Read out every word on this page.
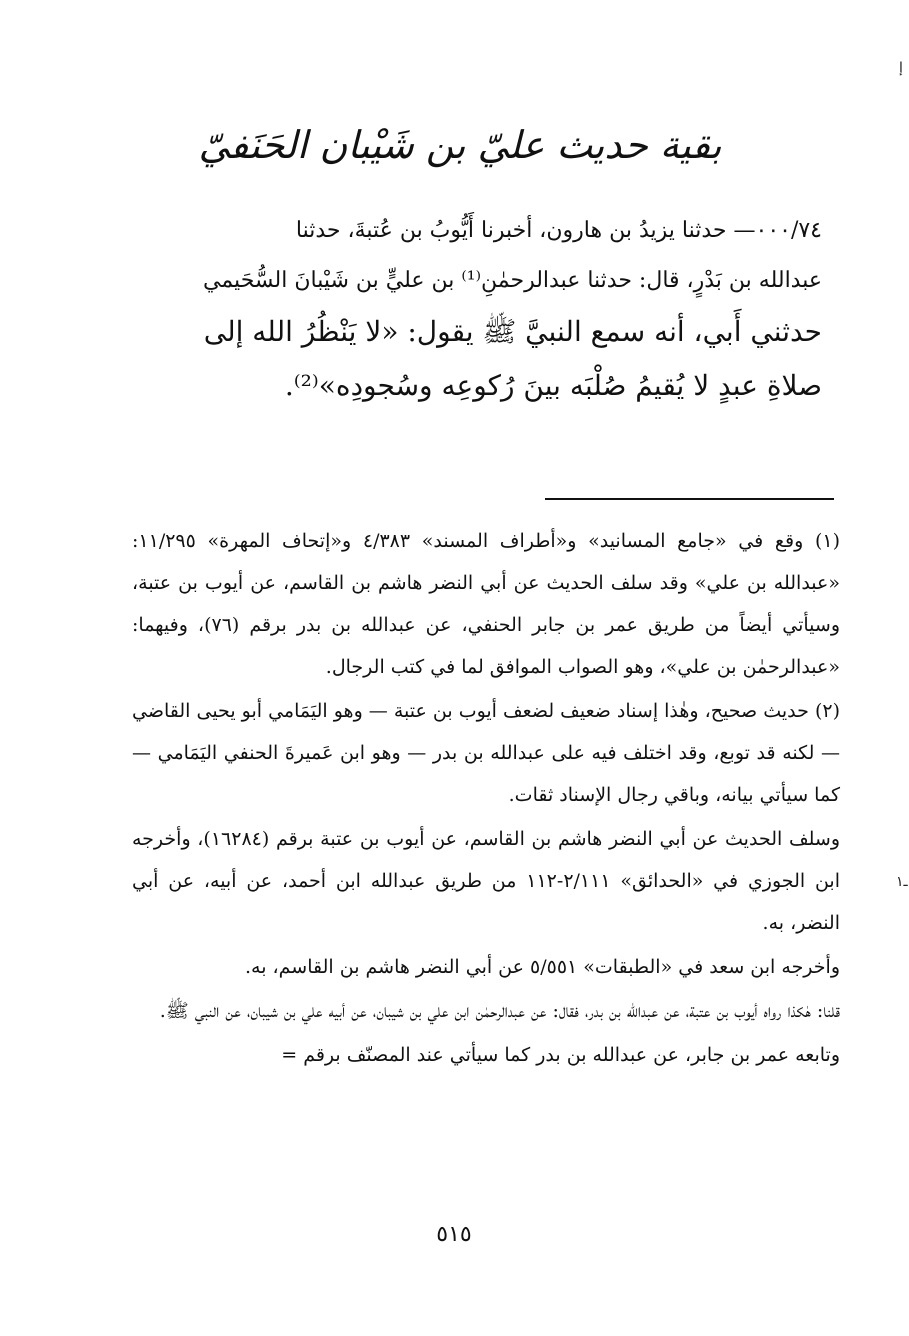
إ
ـ١
بقية حديث عليّ بن شَيْبان الحَنَفيّ

٠٠٠/٧٤— حدثنا يزيدُ بن هارون، أخبرنا أَيُّوبُ بن عُتبةَ، حدثنا

عبدالله بن بَدْرٍ، قال: حدثنا عبدالرحمٰنِ⁽¹⁾ بن عليٍّ بن شَيْبانَ السُّحَيمي

حدثني أَبي، أنه سمع النبيَّ ﷺ يقول: «لا يَنْظُرُ الله إلى

صلاةِ عبدٍ لا يُقيمُ صُلْبَه بينَ رُكوعِه وسُجودِه»⁽²⁾.

(١) وقع في «جامع المسانيد» و«أطراف المسند» ٤/٣٨٣ و«إتحاف المهرة» ١١/٢٩٥: «عبدالله بن علي» وقد سلف الحديث عن أبي النضر هاشم بن القاسم، عن أيوب بن عتبة، وسيأتي أيضاً من طريق عمر بن جابر الحنفي، عن عبدالله بن بدر برقم (٧٦)، وفيهما: «عبدالرحمٰن بن علي»، وهو الصواب الموافق لما في كتب الرجال.

(٢) حديث صحيح، وهٰذا إسناد ضعيف لضعف أيوب بن عتبة — وهو اليَمَامي أبو يحيى القاضي — لكنه قد توبع، وقد اختلف فيه على عبدالله بن بدر — وهو ابن عَميرةَ الحنفي اليَمَامي — كما سيأتي بيانه، وباقي رجال الإسناد ثقات.

وسلف الحديث عن أبي النضر هاشم بن القاسم، عن أيوب بن عتبة برقم (١٦٢٨٤)، وأخرجه ابن الجوزي في «الحدائق» ٢/١١١-١١٢ من طريق عبدالله ابن أحمد، عن أبيه، عن أبي النضر، به.

وأخرجه ابن سعد في «الطبقات» ٥/٥٥١ عن أبي النضر هاشم بن القاسم، به.

قلنا: هٰكذا رواه أيوب بن عتبة، عن عبدالله بن بدر، فقال: عن عبدالرحمٰن ابن علي بن شيبان، عن أبيه علي بن شيبان، عن النبي ﷺ.

وتابعه عمر بن جابر، عن عبدالله بن بدر كما سيأتي عند المصنّف برقم =

٥١٥
